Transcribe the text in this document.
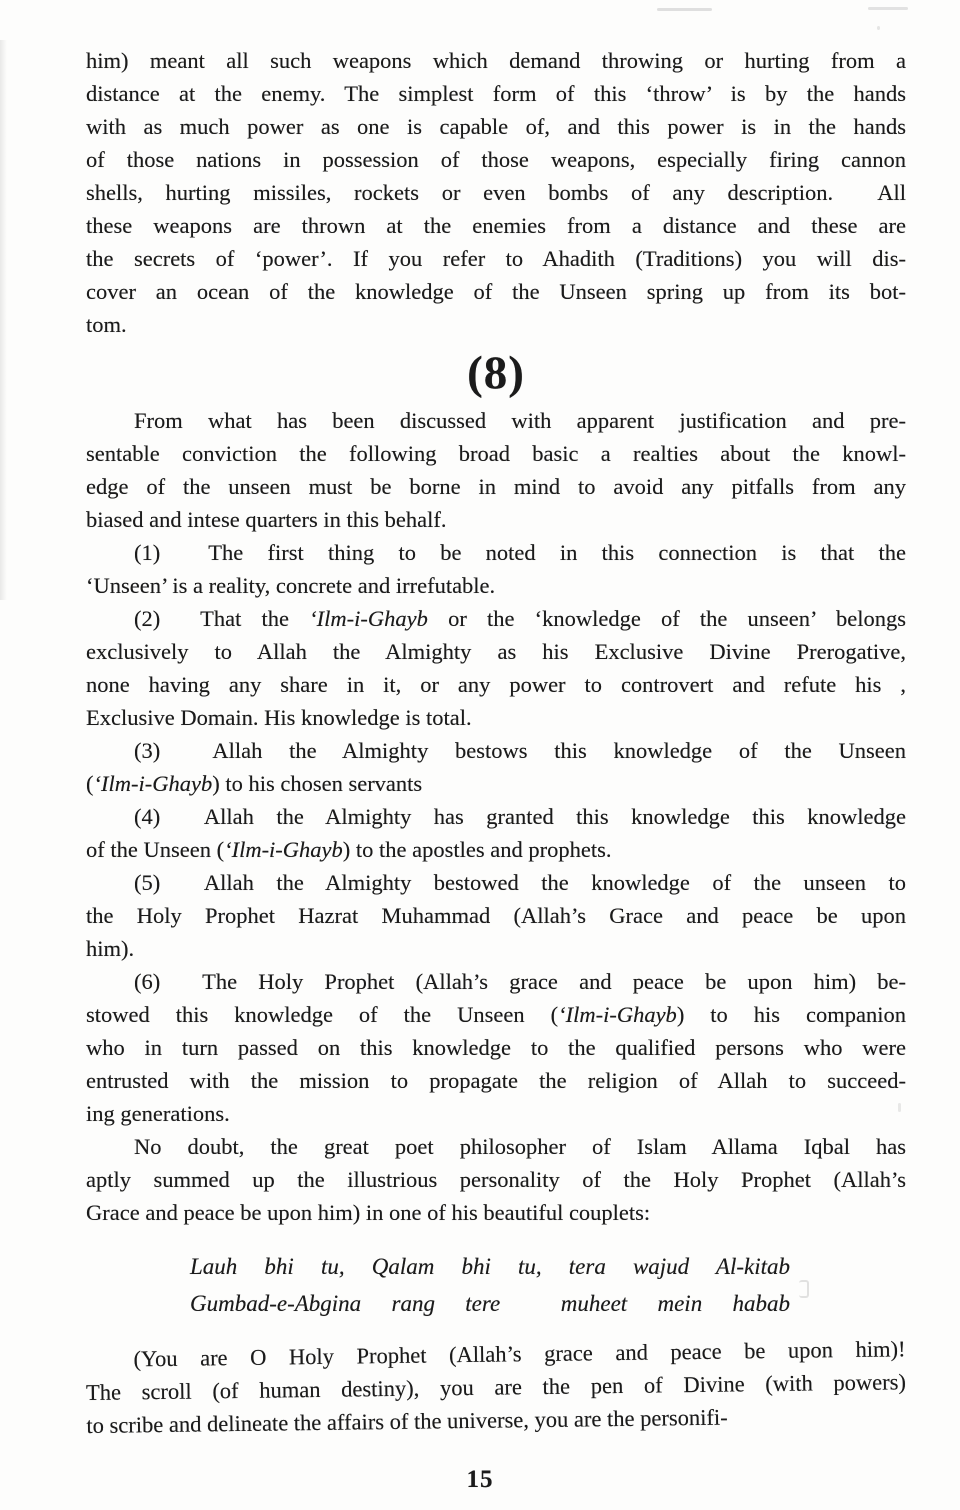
him) meant all such weapons which demand throwing or hurting from a
distance at the enemy. The simplest form of this ‘throw’ is by the hands
with as much power as one is capable of, and this power is in the hands
of those nations in possession of those weapons, especially firing cannon
shells, hurting missiles, rockets or even bombs of any description.  All
these weapons are thrown at the enemies from a distance and these are
the secrets of ‘power’. If you refer to Ahadith (Traditions) you will dis-
cover an ocean of the knowledge of the Unseen spring up from its bot-
tom.
(8)
From what has been discussed with apparent justification and pre-
sentable conviction the following broad basic a realties about the knowl-
edge of the unseen must be borne in mind to avoid any pitfalls from any
biased and intese quarters in this behalf.
(1)  The first thing to be noted in this connection is that the
‘Unseen’ is a reality, concrete and irrefutable.
(2)  That the ‘Ilm-i-Ghayb or the ‘knowledge of the unseen’ belongs
exclusively to Allah the Almighty as his Exclusive Divine Prerogative,
none having any share in it, or any power to controvert and refute his ,
Exclusive Domain. His knowledge is total.
(3)  Allah the Almighty bestows this knowledge of the Unseen
(‘Ilm-i-Ghayb) to his chosen servants
(4)  Allah the Almighty has granted this knowledge this knowledge
of the Unseen (‘Ilm-i-Ghayb) to the apostles and prophets.
(5)  Allah the Almighty bestowed the knowledge of the unseen to
the Holy Prophet Hazrat Muhammad (Allah’s Grace and peace be upon
him).
(6)  The Holy Prophet (Allah’s grace and peace be upon him) be-
stowed this knowledge of the Unseen (‘Ilm-i-Ghayb) to his companion
who in turn passed on this knowledge to the qualified persons who were
entrusted with the mission to propagate the religion of Allah to succeed-
ing generations.
No doubt, the great poet philosopher of Islam Allama Iqbal has
aptly summed up the illustrious personality of the Holy Prophet (Allah’s
Grace and peace be upon him) in one of his beautiful couplets:
Lauh bhi tu, Qalam bhi tu, tera wajud Al-kitab
Gumbad-e-Abgina rang tere  muheet mein habab
(You are O Holy Prophet (Allah’s grace and peace be upon him)!
The scroll (of human destiny), you are the pen of Divine (with powers)
to scribe and delineate the affairs of the universe, you are the personifi-
15
